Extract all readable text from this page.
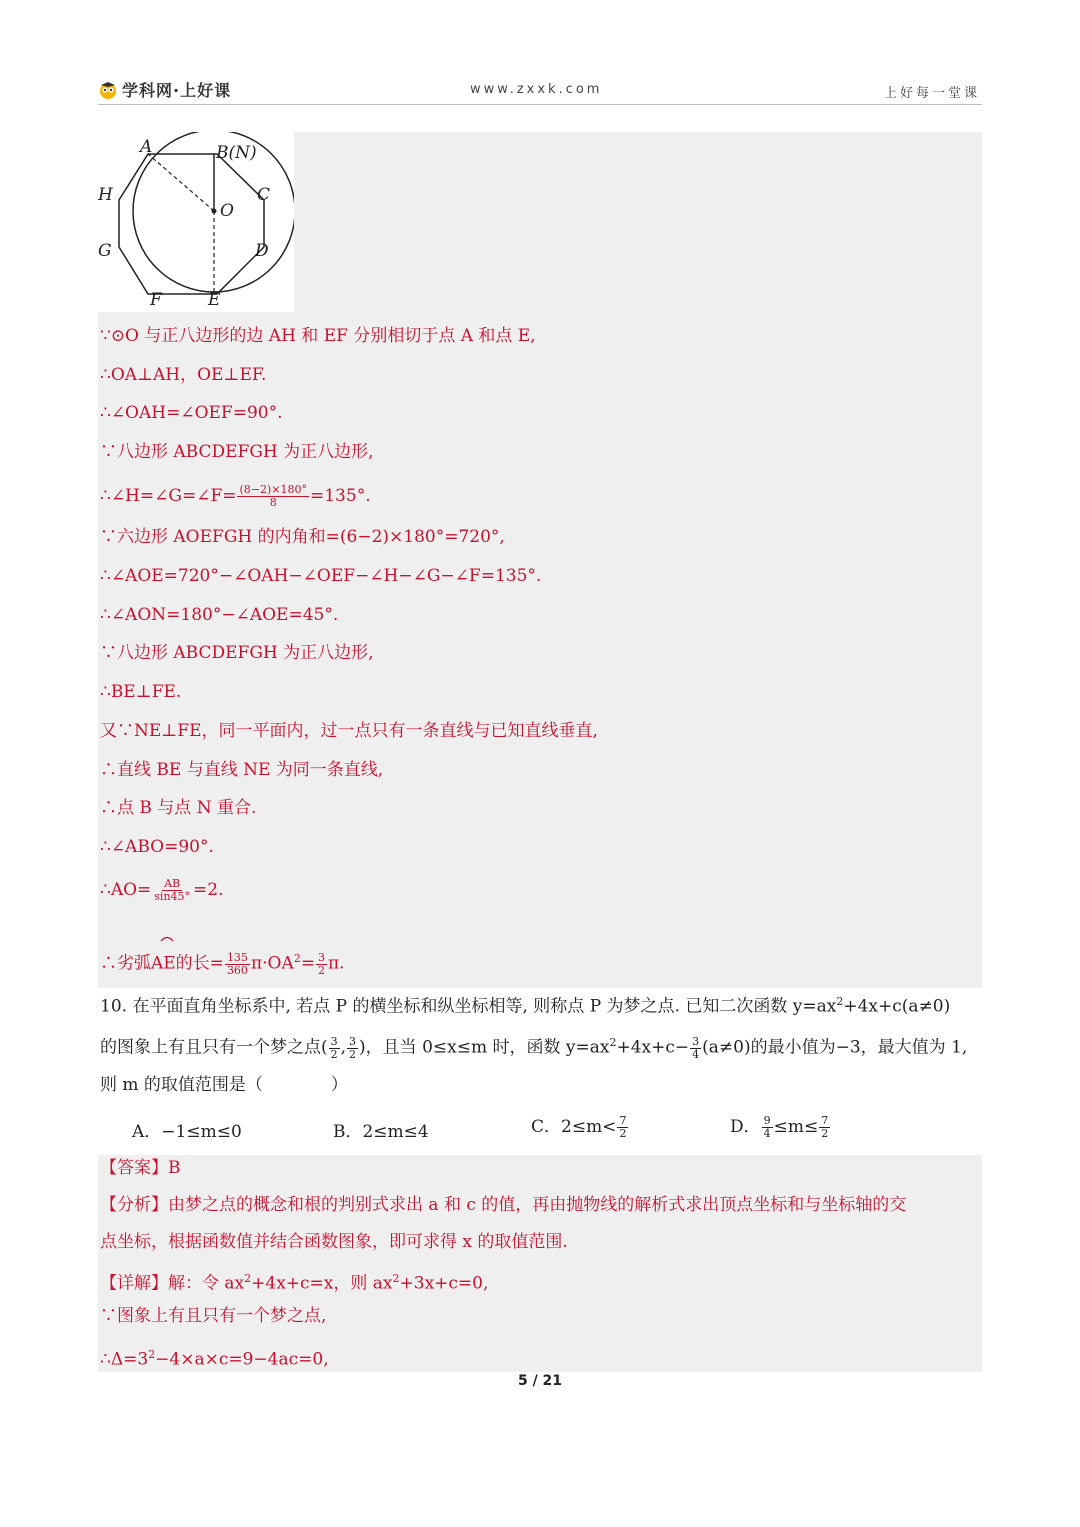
学科网·上好课	www.zxxk.com	上好每一堂课
A	B(N)
H	C
O
G	D
F	E
∵⊙O 与正八边形的边 AH 和 EF 分别相切于点 A 和点 E,
∴OA⊥AH，OE⊥EF.
∴∠OAH=∠OEF=90°.
∵八边形 ABCDEFGH 为正八边形,
∴∠H=∠G=∠F= $\frac{(8-2)\times 180^\circ}{8} =135^\circ$.
∵六边形 AOEFGH 的内角和=(6−2)×180°=720°,
∴∠AOE=720°−∠OAH−∠OEF−∠H−∠G−∠F=135°.
∴∠AON=180°−∠AOE=45°.
∵八边形 ABCDEFGH 为正八边形,
∴BE⊥FE.
又∵NE⊥FE，同一平面内，过一点只有一条直线与已知直线垂直,
∴直线 BE 与直线 NE 为同一条直线,
∴点 B 与点 N 重合.
∴∠ABO=90°.
∴AO= $\frac{AB}{\sin 45^\circ} =2$.
∴劣弧AE的长= $\frac{135}{360} \pi\cdot OA^2= \frac{3}{2} \pi$.
10. 在平面直角坐标系中, 若点 P 的横坐标和纵坐标相等, 则称点 P 为梦之点. 已知二次函数 $y=ax^2+4x+c(a\ne 0)$
的图象上有且只有一个梦之点( $\frac{3}{2}$ , $\frac{3}{2}$ )，且当 0≤x≤m 时，函数 $y=ax^2+4x+c- \frac{3}{4} (a\ne 0)$的最小值为−3，最大值为 1,
则 m 的取值范围是（　　　　）
A．−1≤m≤0	B．2≤m≤4	C．$2\le m< \frac{7}{2}$	D． $\frac{9}{4} \le m\le \frac{7}{2}$
【答案】B
【分析】由梦之点的概念和根的判别式求出 a 和 c 的值，再由抛物线的解析式求出顶点坐标和与坐标轴的交
点坐标，根据函数值并结合函数图象，即可求得 x 的取值范围.
【详解】解：令 $ax^2+4x+c=x$，则 $ax^2+3x+c=0$,
∵图象上有且只有一个梦之点,
$\therefore\Delta=3^2-4\times a\times c=9-4ac=0$,
5 / 21
